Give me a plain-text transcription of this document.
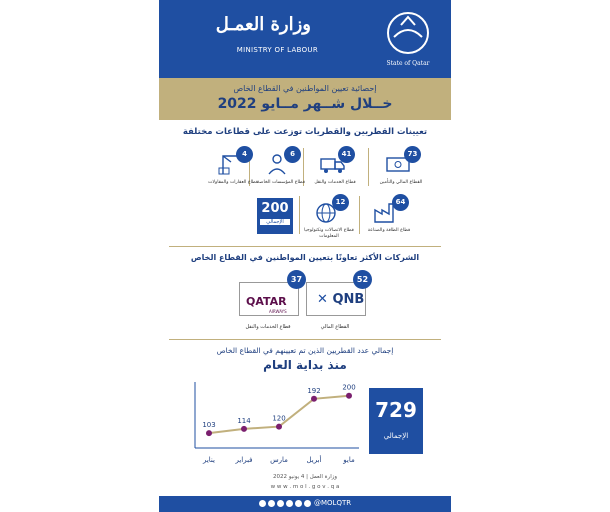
وزارة العمـل
MINISTRY OF LABOUR
State of Qatar
إحصائية تعيين المواطنين في القطاع الخاص
خــلال شــهر مــايو 2022
تعيينات القطريين والقطريات توزعت على قطاعات مختلفة
73
القطاع المالي والتأمين
41
قطاع الخدمات والنقل
6
قطاع المؤسسات الخاصة
4
قطاع العقارات والمقاولات
64
قطاع الطاقة والصناعة
12
قطاع الاتصالات وتكنولوجيا المعلومات
200
الإجمالي
الشركات الأكثر تعاونًا بتعيين المواطنين في القطاع الخاص
✕ QNB
52
القطاع المالي
QATAR
AIRWAYS
37
قطاع الخدمات والنقل
إجمالي عدد القطريين الذين تم تعيينهم في القطاع الخاص
منذ بداية العام
103
يناير
114
فبراير
120
مارس
192
أبريل
200
مايو
729
الإجمالي
وزارة العمل | 4 يونيو 2022
w w w . m o l . g o v . q a
@MOLQTR
